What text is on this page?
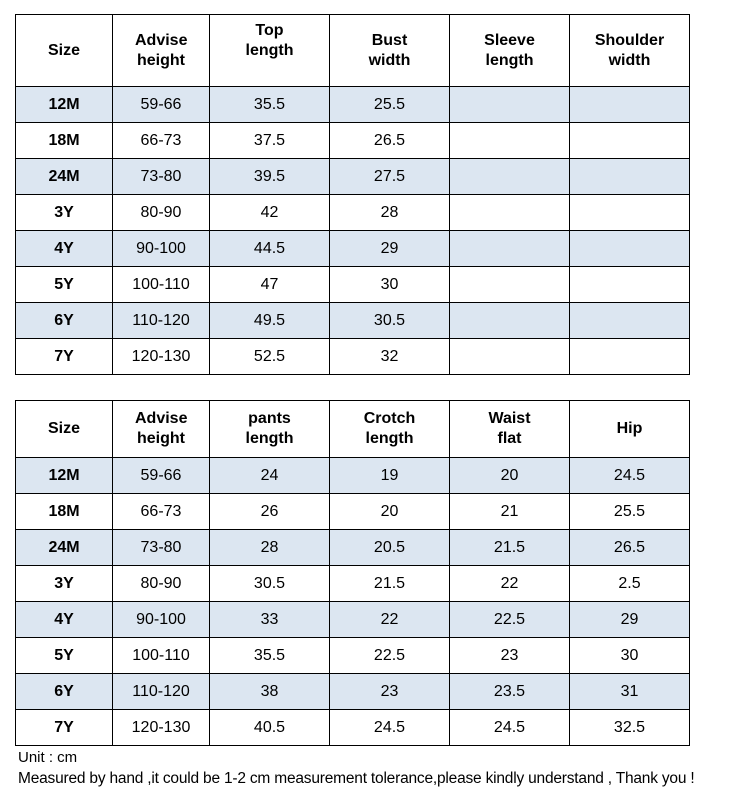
Size	Advise height	Top length	Bust width	Sleeve length	Shoulder width

12M	59-66	35.5	25.5		
18M	66-73	37.5	26.5		
24M	73-80	39.5	27.5		
3Y	80-90	42	28		
4Y	90-100	44.5	29		
5Y	100-110	47	30		
6Y	110-120	49.5	30.5		
7Y	120-130	52.5	32		
Size	Advise height	pants length	Crotch length	Waist flat	Hip
12M	59-66	24	19	20	24.5
18M	66-73	26	20	21	25.5
24M	73-80	28	20.5	21.5	26.5
3Y	80-90	30.5	21.5	22	2.5
4Y	90-100	33	22	22.5	29
5Y	100-110	35.5	22.5	23	30
6Y	110-120	38	23	23.5	31
7Y	120-130	40.5	24.5	24.5	32.5
Unit : cm
Measured by hand ,it could be 1-2 cm measurement tolerance,please kindly understand , Thank you !
